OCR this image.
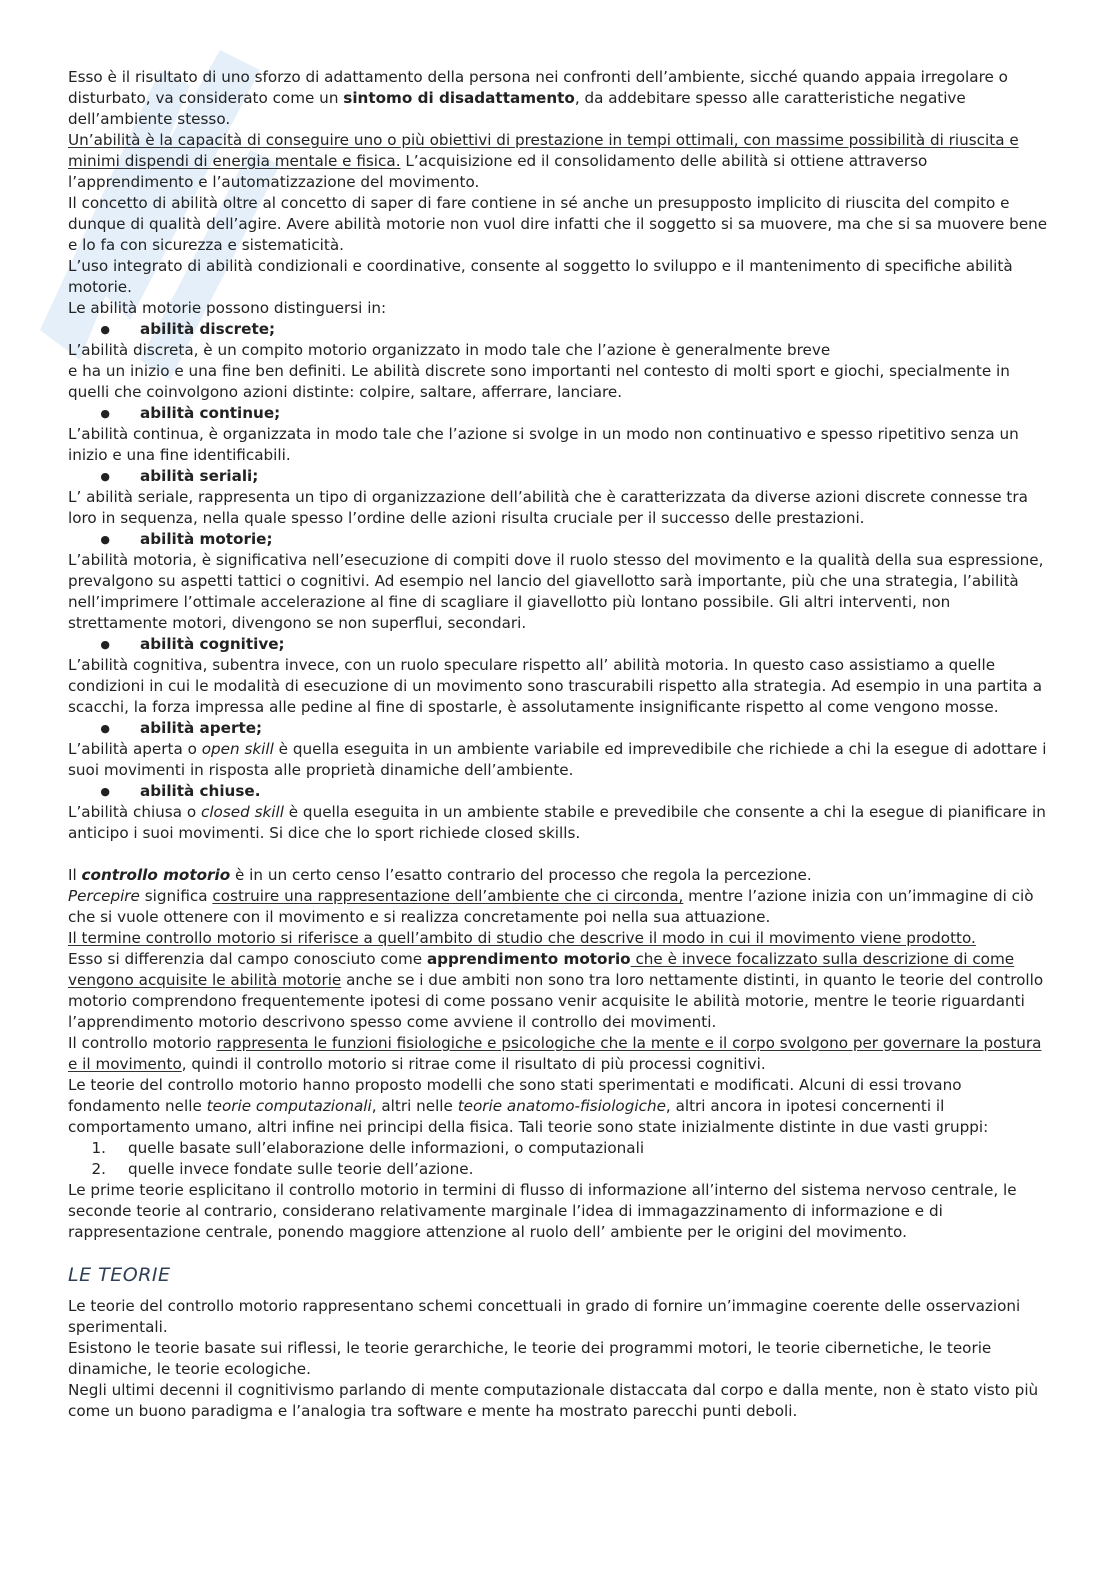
Esso è il risultato di uno sforzo di adattamento della persona nei confronti dell’ambiente, sicché quando appaia irregolare o disturbato, va considerato come un sintomo di disadattamento, da addebitare spesso alle caratteristiche negative dell’ambiente stesso.

Un’abilità è la capacità di conseguire uno o più obiettivi di prestazione in tempi ottimali, con massime possibilità di riuscita e minimi dispendi di energia mentale e fisica. L’acquisizione ed il consolidamento delle abilità si ottiene attraverso l’apprendimento e l’automatizzazione del movimento.

Il concetto di abilità oltre al concetto di saper di fare contiene in sé anche un presupposto implicito di riuscita del compito e dunque di qualità dell’agire. Avere abilità motorie non vuol dire infatti che il soggetto si sa muovere, ma che si sa muovere bene e lo fa con sicurezza e sistematicità.

L’uso integrato di abilità condizionali e coordinative, consente al soggetto lo sviluppo e il mantenimento di specifiche abilità motorie.

Le abilità motorie possono distinguersi in:

●	abilità discrete;

L’abilità discreta, è un compito motorio organizzato in modo tale che l’azione è generalmente breve

e ha un inizio e una fine ben definiti. Le abilità discrete sono importanti nel contesto di molti sport e giochi, specialmente in quelli che coinvolgono azioni distinte: colpire, saltare, afferrare, lanciare.

●	abilità continue;

L’abilità continua, è organizzata in modo tale che l’azione si svolge in un modo non continuativo e spesso ripetitivo senza un inizio e una fine identificabili.

●	abilità seriali;

L’ abilità seriale, rappresenta un tipo di organizzazione dell’abilità che è caratterizzata da diverse azioni discrete connesse tra loro in sequenza, nella quale spesso l’ordine delle azioni risulta cruciale per il successo delle prestazioni.

●	abilità motorie;

L’abilità motoria, è significativa nell’esecuzione di compiti dove il ruolo stesso del movimento e la qualità della sua espressione, prevalgono su aspetti tattici o cognitivi. Ad esempio nel lancio del giavellotto sarà importante, più che una strategia, l’abilità nell’imprimere l’ottimale accelerazione al fine di scagliare il giavellotto più lontano possibile. Gli altri interventi, non strettamente motori, divengono se non superflui, secondari.

●	abilità cognitive;

L’abilità cognitiva, subentra invece, con un ruolo speculare rispetto all’ abilità motoria. In questo caso assistiamo a quelle condizioni in cui le modalità di esecuzione di un movimento sono trascurabili rispetto alla strategia. Ad esempio in una partita a scacchi, la forza impressa alle pedine al fine di spostarle, è assolutamente insignificante rispetto al come vengono mosse.

●	abilità aperte;

L’abilità aperta o open skill è quella eseguita in un ambiente variabile ed imprevedibile che richiede a chi la esegue di adottare i suoi movimenti in risposta alle proprietà dinamiche dell’ambiente.

●	abilità chiuse.

L’abilità chiusa o closed skill è quella eseguita in un ambiente stabile e prevedibile che consente a chi la esegue di pianificare in anticipo i suoi movimenti. Si dice che lo sport richiede closed skills.

Il controllo motorio è in un certo censo l’esatto contrario del processo che regola la percezione.

Percepire significa costruire una rappresentazione dell’ambiente che ci circonda, mentre l’azione inizia con un’immagine di ciò che si vuole ottenere con il movimento e si realizza concretamente poi nella sua attuazione.

Il termine controllo motorio si riferisce a quell’ambito di studio che descrive il modo in cui il movimento viene prodotto.

Esso si differenzia dal campo conosciuto come apprendimento motorio che è invece focalizzato sulla descrizione di come vengono acquisite le abilità motorie anche se i due ambiti non sono tra loro nettamente distinti, in quanto le teorie del controllo motorio comprendono frequentemente ipotesi di come possano venir acquisite le abilità motorie, mentre le teorie riguardanti l’apprendimento motorio descrivono spesso come avviene il controllo dei movimenti.

Il controllo motorio rappresenta le funzioni fisiologiche e psicologiche che la mente e il corpo svolgono per governare la postura e il movimento, quindi il controllo motorio si ritrae come il risultato di più processi cognitivi.

Le teorie del controllo motorio hanno proposto modelli che sono stati sperimentati e modificati. Alcuni di essi trovano fondamento nelle teorie computazionali, altri nelle teorie anatomo-fisiologiche, altri ancora in ipotesi concernenti il comportamento umano, altri infine nei principi della fisica. Tali teorie sono state inizialmente distinte in due vasti gruppi:

1.	quelle basate sull’elaborazione delle informazioni, o computazionali
2.	quelle invece fondate sulle teorie dell’azione.

Le prime teorie esplicitano il controllo motorio in termini di flusso di informazione all’interno del sistema nervoso centrale, le seconde teorie al contrario, considerano relativamente marginale l’idea di immagazzinamento di informazione e di rappresentazione centrale, ponendo maggiore attenzione al ruolo dell’ ambiente per le origini del movimento.

LE TEORIE

Le teorie del controllo motorio rappresentano schemi concettuali in grado di fornire un’immagine coerente delle osservazioni sperimentali.

Esistono le teorie basate sui riflessi, le teorie gerarchiche, le teorie dei programmi motori, le teorie cibernetiche, le teorie dinamiche, le teorie ecologiche.

Negli ultimi decenni il cognitivismo parlando di mente computazionale distaccata dal corpo e dalla mente, non è stato visto più come un buono paradigma e l’analogia tra software e mente ha mostrato parecchi punti deboli.
